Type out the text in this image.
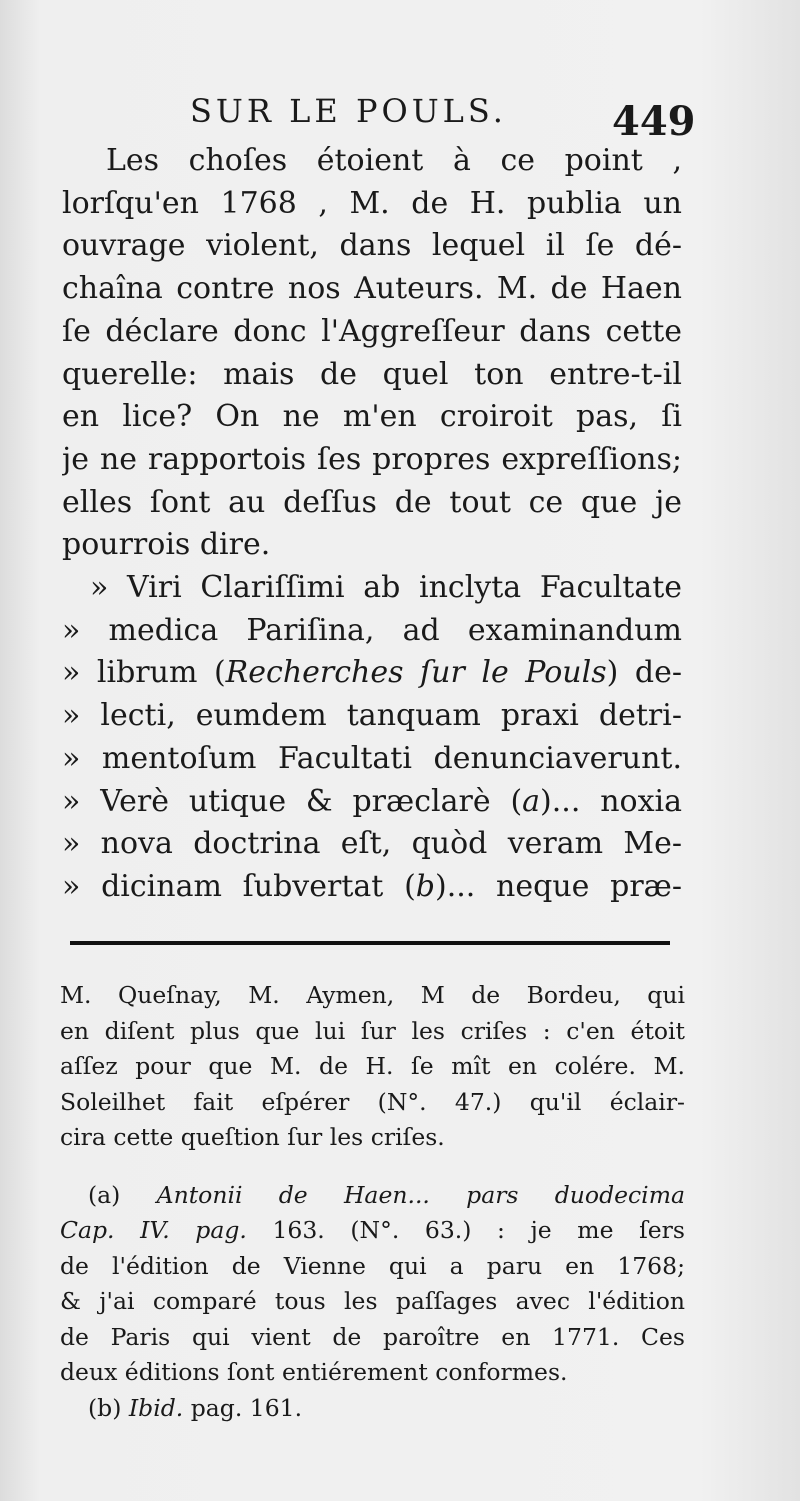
SUR LE POULS.	449
Les choſes étoient à ce point ,
lorſqu'en 1768 , M. de H. publia un
ouvrage violent, dans lequel il ſe dé-
chaîna contre nos Auteurs. M. de Haen
ſe déclare donc l'Aggreſſeur dans cette
querelle: mais de quel ton entre-t-il
en lice? On ne m'en croiroit pas, ſi
je ne rapportois ſes propres expreſſions;
elles ſont au deſſus de tout ce que je
pourrois dire.
» Viri Clariſſimi ab inclyta Facultate
» medica Pariſina, ad examinandum
» librum (Recherches ſur le Pouls) de-
» lecti, eumdem tanquam praxi detri-
» mentoſum Facultati denunciaverunt.
» Verè utique & præclarè (a)... noxia
» nova doctrina eſt, quòd veram Me-
» dicinam ſubvertat (b)... neque præ-
M. Queſnay, M. Aymen, M de Bordeu, qui
en diſent plus que lui ſur les criſes : c'en étoit
aſſez pour que M. de H. ſe mît en colére. M.
Soleilhet fait eſpérer (N°. 47.) qu'il éclair-
cira cette queſtion ſur les criſes.
(a) Antonii de Haen... pars duodecima
Cap. IV. pag. 163. (N°. 63.) : je me ſers
de l'édition de Vienne qui a paru en 1768;
& j'ai comparé tous les paſſages avec l'édition
de Paris qui vient de paroître en 1771. Ces
deux éditions ſont entiérement conformes.
(b) Ibid. pag. 161.
